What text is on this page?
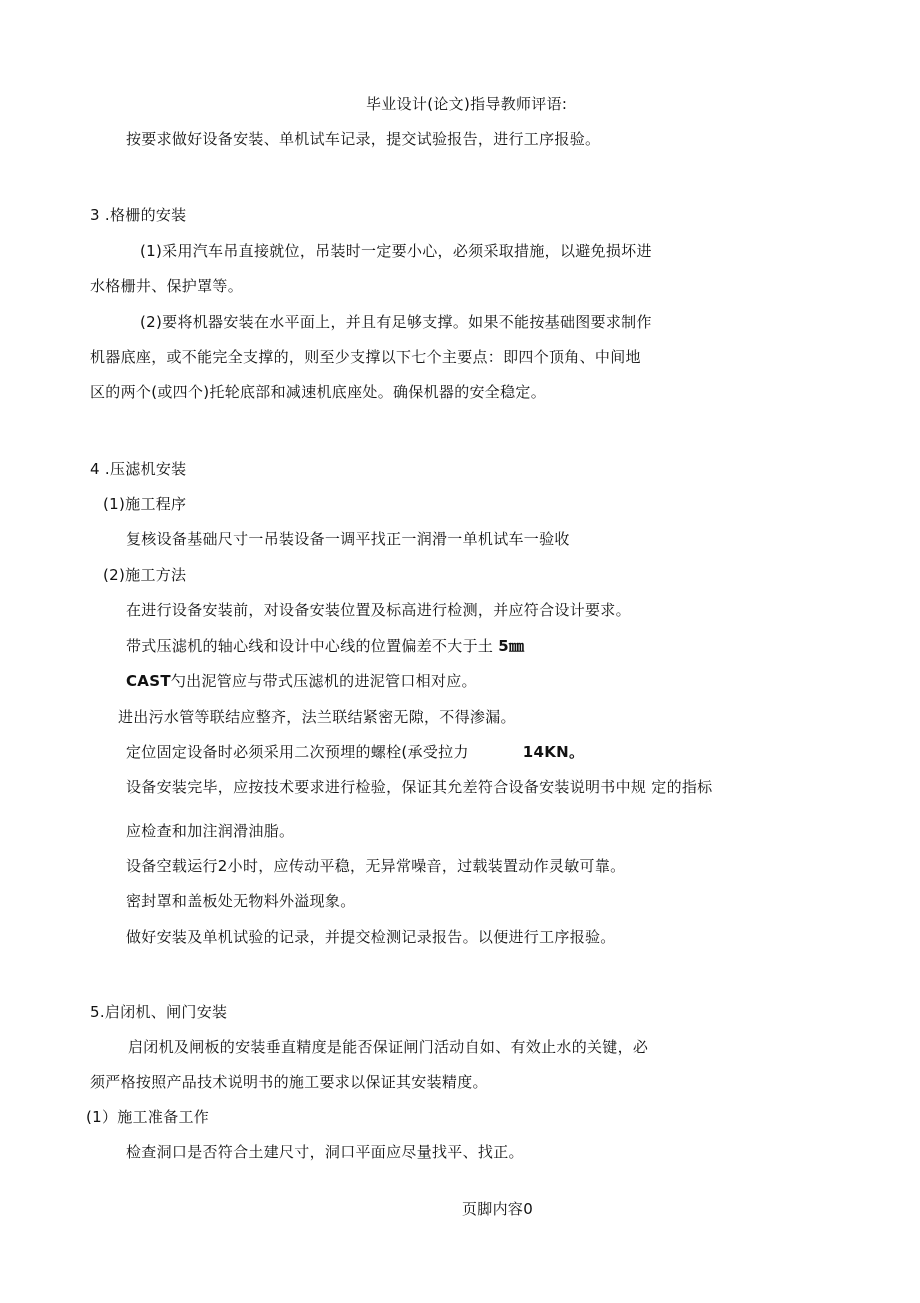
毕业设计(论文)指导教师评语:
按要求做好设备安装、单机试车记录，提交试验报告，进行工序报验。
3 .格栅的安装
(1)采用汽车吊直接就位，吊装时一定要小心，必须采取措施，以避免损坏进
水格栅井、保护罩等。
(2)要将机器安装在水平面上，并且有足够支撑。如果不能按基础图要求制作
机器底座，或不能完全支撑的，则至少支撑以下七个主要点：即四个顶角、中间地
区的两个(或四个)托轮底部和减速机底座处。确保机器的安全稳定。
4 .压滤机安装
(1)施工程序
复核设备基础尺寸一吊装设备一调平找正一润滑一单机试车一验收
(2)施工方法
在进行设备安装前，对设备安装位置及标高进行检测，并应符合设计要求。
带式压滤机的轴心线和设计中心线的位置偏差不大于土 5㎜
CAST勺出泥管应与带式压滤机的进泥管口相对应。
进出污水管等联结应整齐，法兰联结紧密无隙，不得渗漏。
定位固定设备时必须采用二次预埋的螺栓(承受拉力	14KN。
设备安装完毕，应按技术要求进行检验，保证其允差符合设备安装说明书中规 定的指标
应检查和加注润滑油脂。
设备空载运行2小时，应传动平稳，无异常噪音，过载装置动作灵敏可靠。
密封罩和盖板处无物料外溢现象。
做好安装及单机试验的记录，并提交检测记录报告。以便进行工序报验。
5.启闭机、闸门安装
启闭机及闸板的安装垂直精度是能否保证闸门活动自如、有效止水的关键，必
须严格按照产品技术说明书的施工要求以保证其安装精度。
(1）施工准备工作
检查洞口是否符合土建尺寸，洞口平面应尽量找平、找正。
页脚内容0
